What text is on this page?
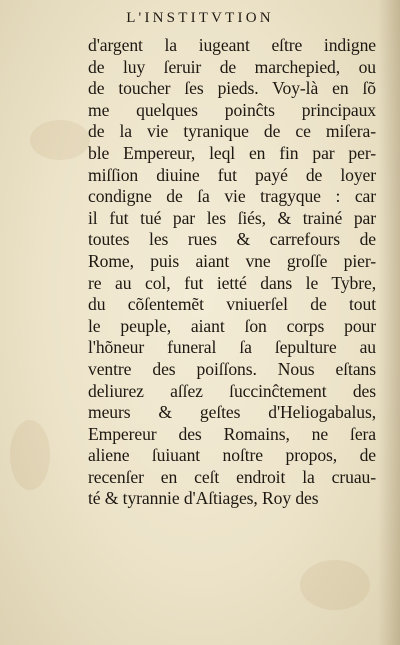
L'INSTITVTION
d'argent la iugeant eſtre indigne
de luy ſeruir de marchepied, ou
de toucher ſes pieds. Voy-là en ſõ
me quelques poinĉts principaux
de la vie tyranique de ce miſera-
ble Empereur, leql en fin par per-
miſſion diuine fut payé de loyer
condigne de ſa vie tragyque : car
il fut tué par les ſiés, & trainé par
toutes les rues & carrefours de
Rome, puis aiant vne groſſe pier-
re au col, fut ietté dans le Tybre,
du cõſentemẽt vniuerſel de tout
le peuple, aiant ſon corps pour
l'hõneur funeral ſa ſepulture au
ventre des poiſſons. Nous eſtans
deliurez aſſez ſuccinĉtement des
meurs & geſtes d'Heliogabalus,
Empereur des Romains, ne ſera
aliene ſuiuant noſtre propos, de
recenſer en ceſt endroit la cruau-
té & tyrannie d'Aſtiages, Roy des
